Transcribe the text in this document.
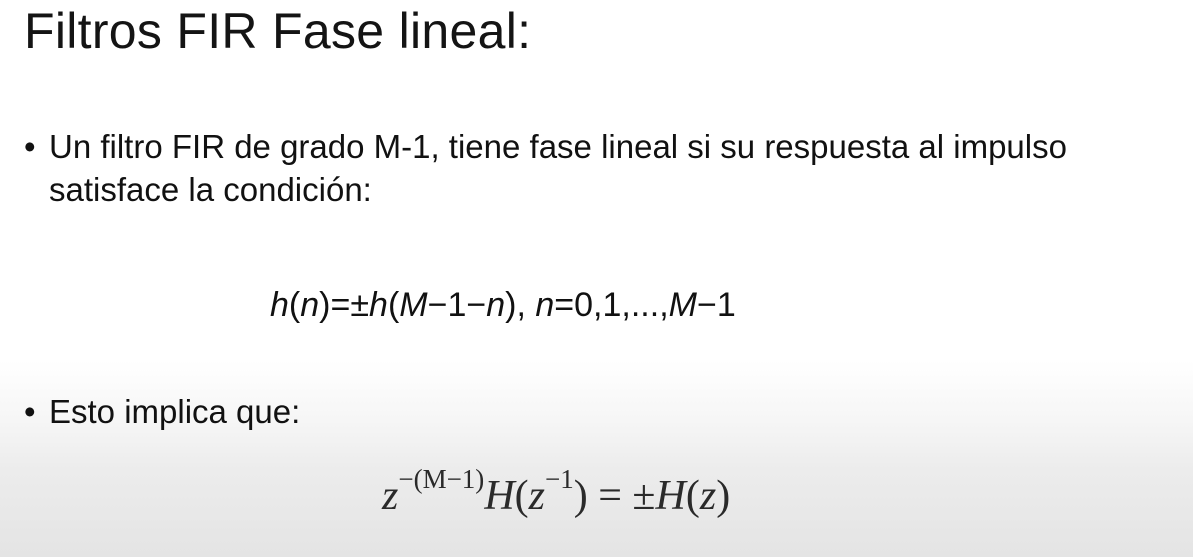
Filtros FIR Fase lineal:
• Un filtro FIR de grado M-1, tiene fase lineal si su respuesta al impulso satisface la condición:
h(n)=±h(M−1−n), n=0,1,...,M−1
• Esto implica que:
$z^{-(M-1)}H(z^{-1}) = \pm H(z)$
